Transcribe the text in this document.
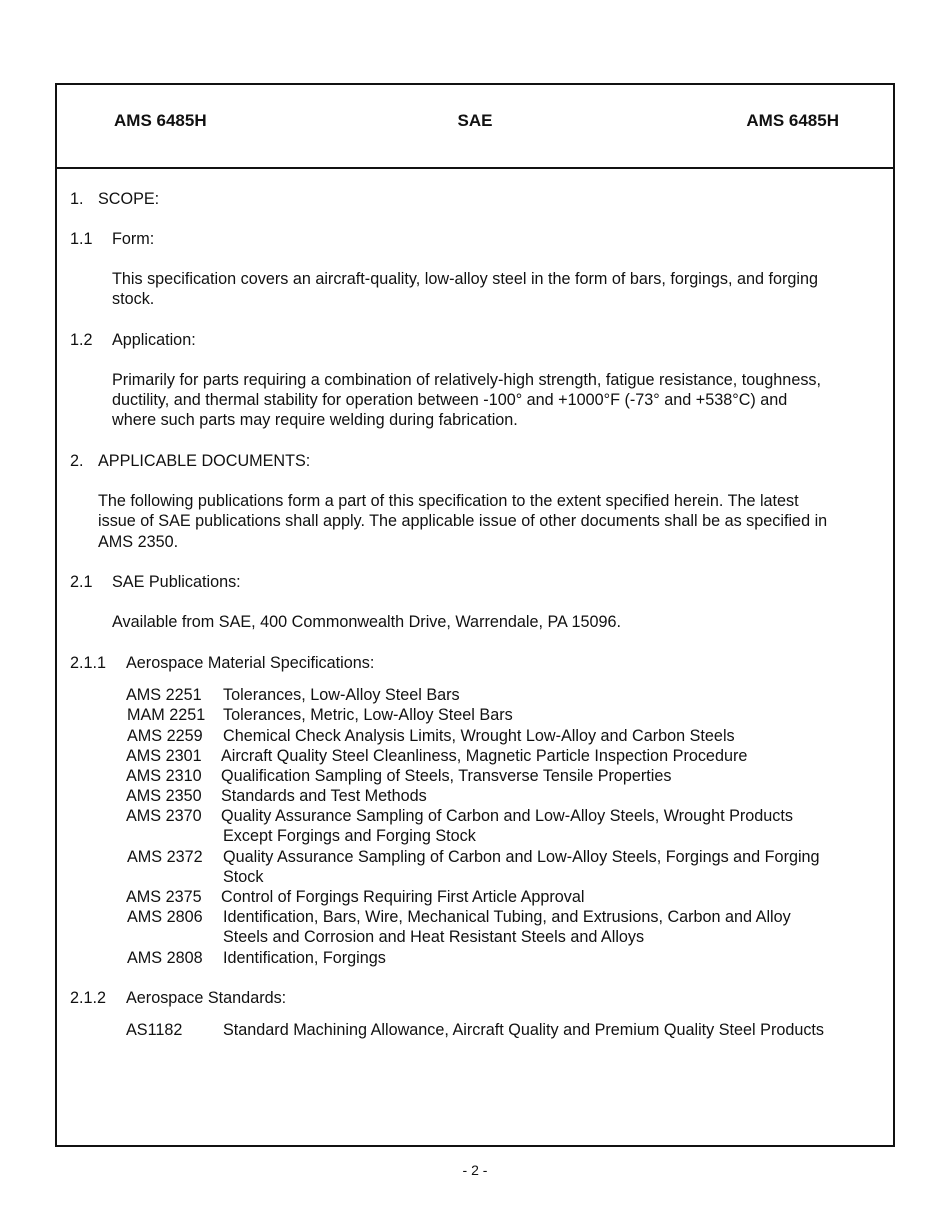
AMS 6485H	SAE	AMS 6485H
1. SCOPE:
1.1 Form:
This specification covers an aircraft-quality, low-alloy steel in the form of bars, forgings, and forging
stock.
1.2 Application:
Primarily for parts requiring a combination of relatively-high strength, fatigue resistance, toughness,
ductility, and thermal stability for operation between -100° and +1000°F (-73° and +538°C) and
where such parts may require welding during fabrication.
2. APPLICABLE DOCUMENTS:
The following publications form a part of this specification to the extent specified herein. The latest
issue of SAE publications shall apply. The applicable issue of other documents shall be as specified in
AMS 2350.
2.1 SAE Publications:
Available from SAE, 400 Commonwealth Drive, Warrendale, PA 15096.
2.1.1 Aerospace Material Specifications:
AMS 2251 Tolerances, Low-Alloy Steel Bars
MAM 2251 Tolerances, Metric, Low-Alloy Steel Bars
AMS 2259 Chemical Check Analysis Limits, Wrought Low-Alloy and Carbon Steels
AMS 2301 Aircraft Quality Steel Cleanliness, Magnetic Particle Inspection Procedure
AMS 2310 Qualification Sampling of Steels, Transverse Tensile Properties
AMS 2350 Standards and Test Methods
AMS 2370 Quality Assurance Sampling of Carbon and Low-Alloy Steels, Wrought Products
Except Forgings and Forging Stock
AMS 2372 Quality Assurance Sampling of Carbon and Low-Alloy Steels, Forgings and Forging
Stock
AMS 2375 Control of Forgings Requiring First Article Approval
AMS 2806 Identification, Bars, Wire, Mechanical Tubing, and Extrusions, Carbon and Alloy
Steels and Corrosion and Heat Resistant Steels and Alloys
AMS 2808 Identification, Forgings
2.1.2 Aerospace Standards:
AS1182	Standard Machining Allowance, Aircraft Quality and Premium Quality Steel Products
- 2 -
